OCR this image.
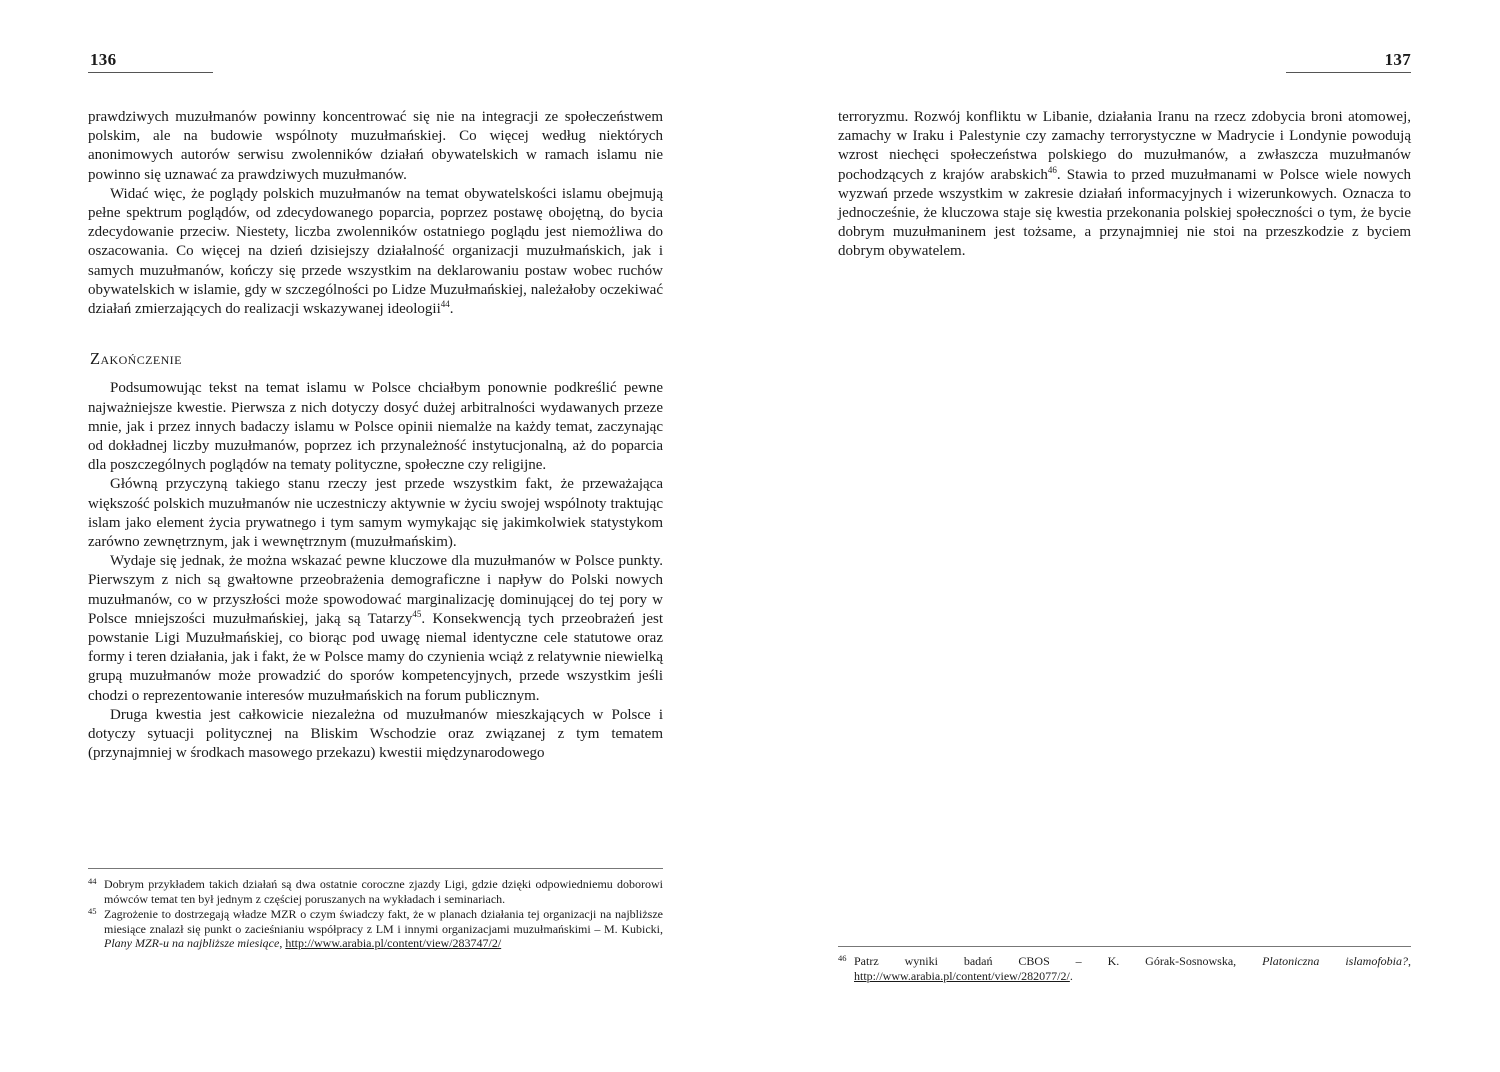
136

prawdziwych muzułmanów powinny koncentrować się nie na integracji ze społeczeństwem polskim, ale na budowie wspólnoty muzułmańskiej. Co więcej według niektórych anonimowych autorów serwisu zwolenników działań obywatelskich w ramach islamu nie powinno się uznawać za prawdziwych muzułmanów.

Widać więc, że poglądy polskich muzułmanów na temat obywatelskości islamu obejmują pełne spektrum poglądów, od zdecydowanego poparcia, poprzez postawę obojętną, do bycia zdecydowanie przeciw. Niestety, liczba zwolenników ostatniego poglądu jest niemożliwa do oszacowania. Co więcej na dzień dzisiejszy działalność organizacji muzułmańskich, jak i samych muzułmanów, kończy się przede wszystkim na deklarowaniu postaw wobec ruchów obywatelskich w islamie, gdy w szczególności po Lidze Muzułmańskiej, należałoby oczekiwać działań zmierzających do realizacji wskazywanej ideologii$^{44}$.

Zakończenie

Podsumowując tekst na temat islamu w Polsce chciałbym ponownie podkreślić pewne najważniejsze kwestie. Pierwsza z nich dotyczy dosyć dużej arbitralności wydawanych przeze mnie, jak i przez innych badaczy islamu w Polsce opinii niemalże na każdy temat, zaczynając od dokładnej liczby muzułmanów, poprzez ich przynależność instytucjonalną, aż do poparcia dla poszczególnych poglądów na tematy polityczne, społeczne czy religijne.

Główną przyczyną takiego stanu rzeczy jest przede wszystkim fakt, że przeważająca większość polskich muzułmanów nie uczestniczy aktywnie w życiu swojej wspólnoty traktując islam jako element życia prywatnego i tym samym wymykając się jakimkolwiek statystykom zarówno zewnętrznym, jak i wewnętrznym (muzułmańskim).

Wydaje się jednak, że można wskazać pewne kluczowe dla muzułmanów w Polsce punkty. Pierwszym z nich są gwałtowne przeobrażenia demograficzne i napływ do Polski nowych muzułmanów, co w przyszłości może spowodować marginalizację dominującej do tej pory w Polsce mniejszości muzułmańskiej, jaką są Tatarzy$^{45}$. Konsekwencją tych przeobrażeń jest powstanie Ligi Muzułmańskiej, co biorąc pod uwagę niemal identyczne cele statutowe oraz formy i teren działania, jak i fakt, że w Polsce mamy do czynienia wciąż z relatywnie niewielką grupą muzułmanów może prowadzić do sporów kompetencyjnych, przede wszystkim jeśli chodzi o reprezentowanie interesów muzułmańskich na forum publicznym.

Druga kwestia jest całkowicie niezależna od muzułmanów mieszkających w Polsce i dotyczy sytuacji politycznej na Bliskim Wschodzie oraz związanej z tym tematem (przynajmniej w środkach masowego przekazu) kwestii międzynarodowego

44 Dobrym przykładem takich działań są dwa ostatnie coroczne zjazdy Ligi, gdzie dzięki odpowiedniemu doborowi mówców temat ten był jednym z częściej poruszanych na wykładach i seminariach.
45 Zagrożenie to dostrzegają władze MZR o czym świadczy fakt, że w planach działania tej organizacji na najbliższe miesiące znalazł się punkt o zacieśnianiu współpracy z LM i innymi organizacjami muzułmańskimi – M. Kubicki, Plany MZR-u na najbliższe miesiące, http://www.arabia.pl/content/view/283747/2/
137

terroryzmu. Rozwój konfliktu w Libanie, działania Iranu na rzecz zdobycia broni atomowej, zamachy w Iraku i Palestynie czy zamachy terrorystyczne w Madrycie i Londynie powodują wzrost niechęci społeczeństwa polskiego do muzułmanów, a zwłaszcza muzułmanów pochodzących z krajów arabskich$^{46}$. Stawia to przed muzułmanami w Polsce wiele nowych wyzwań przede wszystkim w zakresie działań informacyjnych i wizerunkowych. Oznacza to jednocześnie, że kluczowa staje się kwestia przekonania polskiej społeczności o tym, że bycie dobrym muzułmaninem jest tożsame, a przynajmniej nie stoi na przeszkodzie z byciem dobrym obywatelem.

46 Patrz wyniki badań CBOS – K. Górak-Sosnowska, Platoniczna islamofobia?, http://www.arabia.pl/content/view/282077/2/.
